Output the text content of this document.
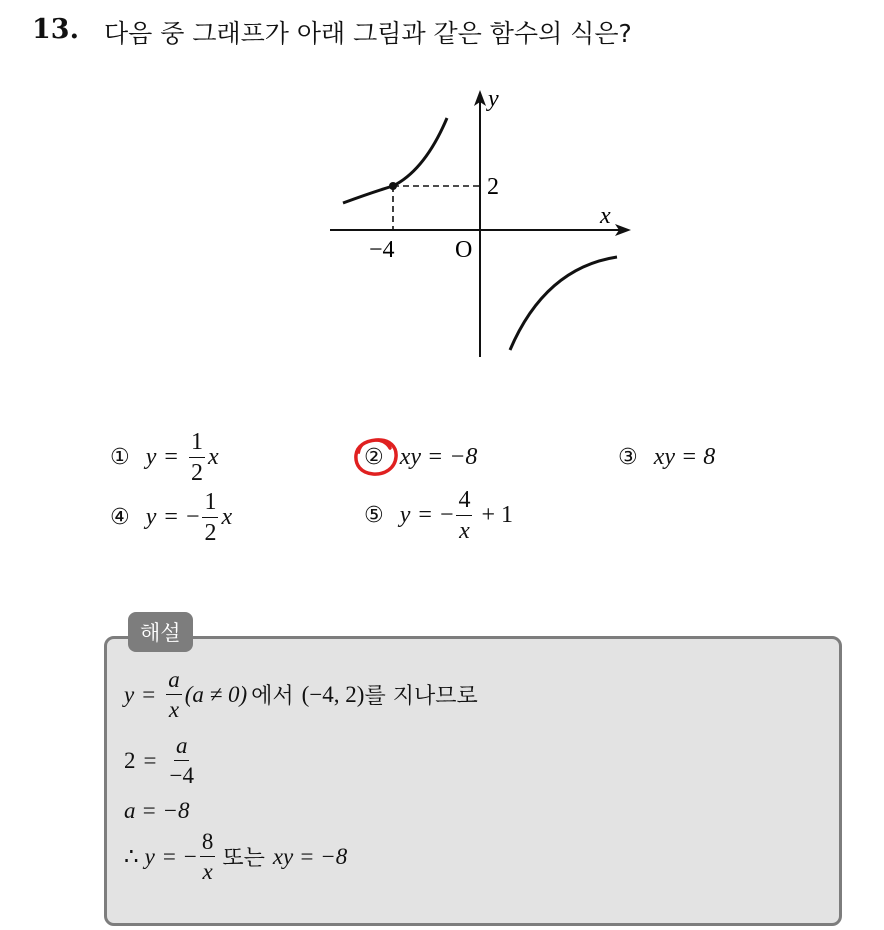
13. 다음 중 그래프가 아래 그림과 같은 함수의 식은?
y
x
O
−4
2
① $y = \frac{1}{2}$ x	② xy = −8	③ xy = 8
④ y = − $\frac{1}{2}$ x	⑤ y = − $\frac{4}{x} + 1$
해설
$y = \frac{a}{x} (a \ne 0)$ 에서 (−4, 2) 를 지나므로
$2 = \frac{a}{-4}$
a = −8
∴ y = − $\frac{8}{x}$ 또는 xy = −8
